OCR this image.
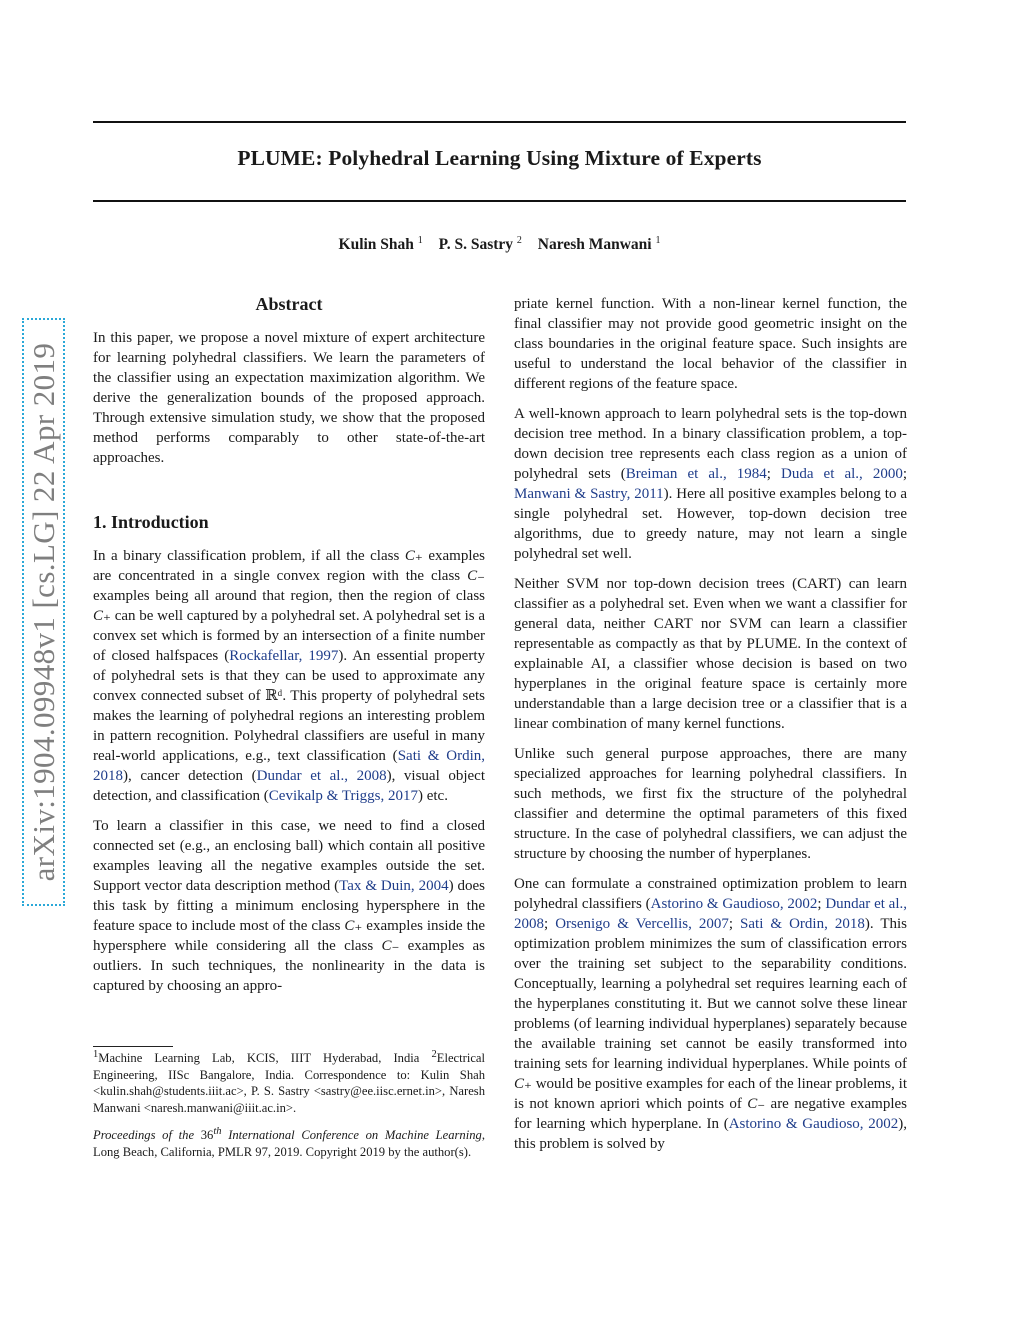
PLUME: Polyhedral Learning Using Mixture of Experts
Kulin Shah $^1$ P. S. Sastry $^2$ Naresh Manwani $^1$
arXiv:1904.09948v1 [cs.LG] 22 Apr 2019
Abstract

In this paper, we propose a novel mixture of expert architecture for learning polyhedral classifiers. We learn the parameters of the classifier using an expectation maximization algorithm. We derive the generalization bounds of the proposed approach. Through extensive simulation study, we show that the proposed method performs comparably to other state-of-the-art approaches.

1. Introduction

In a binary classification problem, if all the class C₊ examples are concentrated in a single convex region with the class C₋ examples being all around that region, then the region of class C₊ can be well captured by a polyhedral set. A polyhedral set is a convex set which is formed by an intersection of a finite number of closed halfspaces (Rockafellar, 1997). An essential property of polyhedral sets is that they can be used to approximate any convex connected subset of ℝᵈ. This property of polyhedral sets makes the learning of polyhedral regions an interesting problem in pattern recognition. Polyhedral classifiers are useful in many real-world applications, e.g., text classification (Sati & Ordin, 2018), cancer detection (Dundar et al., 2008), visual object detection, and classification (Cevikalp & Triggs, 2017) etc.

To learn a classifier in this case, we need to find a closed connected set (e.g., an enclosing ball) which contain all positive examples leaving all the negative examples outside the set. Support vector data description method (Tax & Duin, 2004) does this task by fitting a minimum enclosing hypersphere in the feature space to include most of the class C₊ examples inside the hypersphere while considering all the class C₋ examples as outliers. In such techniques, the nonlinearity in the data is captured by choosing an appro-

$^1$Machine Learning Lab, KCIS, IIIT Hyderabad, India $^2$Electrical Engineering, IISc Bangalore, India. Correspondence to: Kulin Shah <kulin.shah@students.iiit.ac>, P. S. Sastry <sastry@ee.iisc.ernet.in>, Naresh Manwani <naresh.manwani@iiit.ac.in>.

Proceedings of the 36th International Conference on Machine Learning, Long Beach, California, PMLR 97, 2019. Copyright 2019 by the author(s).

priate kernel function. With a non-linear kernel function, the final classifier may not provide good geometric insight on the class boundaries in the original feature space. Such insights are useful to understand the local behavior of the classifier in different regions of the feature space.

A well-known approach to learn polyhedral sets is the top-down decision tree method. In a binary classification problem, a top-down decision tree represents each class region as a union of polyhedral sets (Breiman et al., 1984; Duda et al., 2000; Manwani & Sastry, 2011). Here all positive examples belong to a single polyhedral set. However, top-down decision tree algorithms, due to greedy nature, may not learn a single polyhedral set well.

Neither SVM nor top-down decision trees (CART) can learn classifier as a polyhedral set. Even when we want a classifier for general data, neither CART nor SVM can learn a classifier representable as compactly as that by PLUME. In the context of explainable AI, a classifier whose decision is based on two hyperplanes in the original feature space is certainly more understandable than a large decision tree or a classifier that is a linear combination of many kernel functions.

Unlike such general purpose approaches, there are many specialized approaches for learning polyhedral classifiers. In such methods, we first fix the structure of the polyhedral classifier and determine the optimal parameters of this fixed structure. In the case of polyhedral classifiers, we can adjust the structure by choosing the number of hyperplanes.

One can formulate a constrained optimization problem to learn polyhedral classifiers (Astorino & Gaudioso, 2002; Dundar et al., 2008; Orsenigo & Vercellis, 2007; Sati & Ordin, 2018). This optimization problem minimizes the sum of classification errors over the training set subject to the separability conditions. Conceptually, learning a polyhedral set requires learning each of the hyperplanes constituting it. But we cannot solve these linear problems (of learning individual hyperplanes) separately because the available training set cannot be easily transformed into training sets for learning individual hyperplanes. While points of C₊ would be positive examples for each of the linear problems, it is not known apriori which points of C₋ are negative examples for learning which hyperplane. In (Astorino & Gaudioso, 2002), this problem is solved by
